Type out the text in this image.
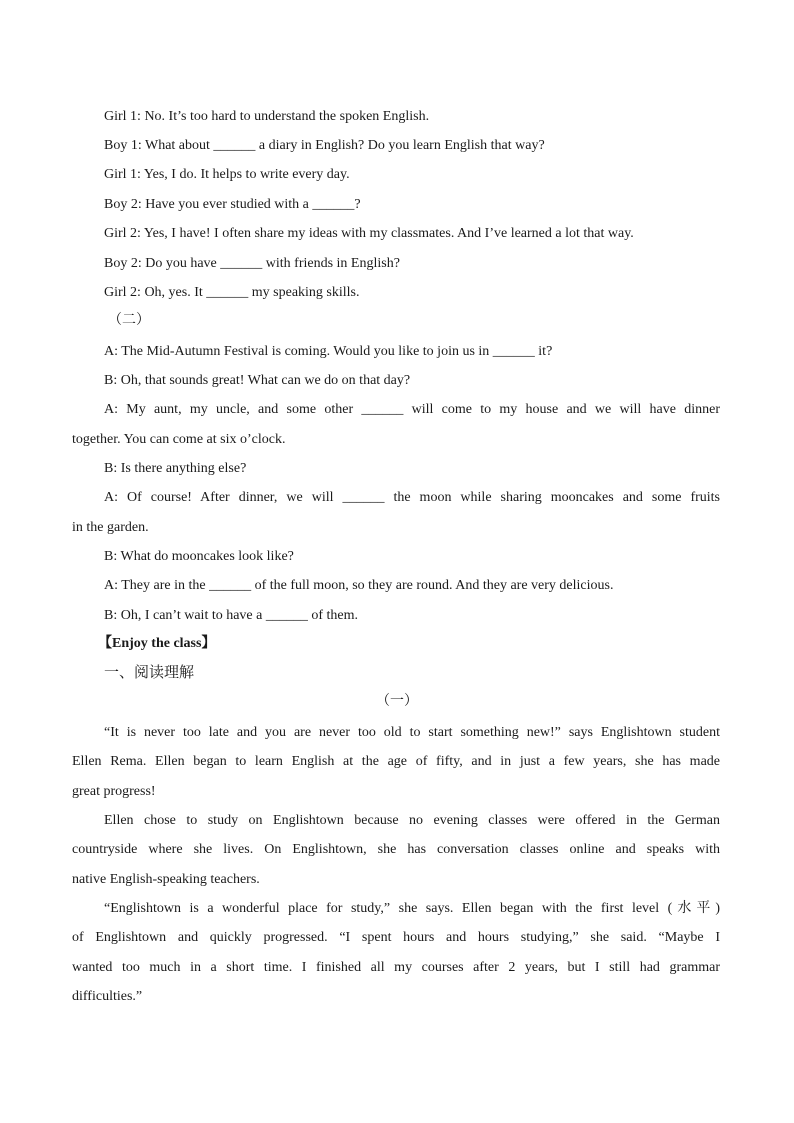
Girl 1: No. It’s too hard to understand the spoken English.
Boy 1: What about ______ a diary in English? Do you learn English that way?
Girl 1: Yes, I do. It helps to write every day.
Boy 2: Have you ever studied with a ______?
Girl 2: Yes, I have! I often share my ideas with my classmates. And I’ve learned a lot that way.
Boy 2: Do you have ______ with friends in English?
Girl 2: Oh, yes. It ______ my speaking skills.
（二）
A: The Mid-Autumn Festival is coming. Would you like to join us in ______ it?
B: Oh, that sounds great! What can we do on that day?
A: My aunt, my uncle, and some other ______ will come to my house and we will have dinner
together. You can come at six o’clock.
B: Is there anything else?
A: Of course! After dinner, we will ______ the moon while sharing mooncakes and some fruits
in the garden.
B: What do mooncakes look like?
A: They are in the ______ of the full moon, so they are round. And they are very delicious.
B: Oh, I can’t wait to have a ______ of them.
【Enjoy the class】
一、阅读理解
（一）
“It is never too late and you are never too old to start something new!” says Englishtown student
Ellen Rema. Ellen began to learn English at the age of fifty, and in just a few years, she has made
great progress!
Ellen chose to study on Englishtown because no evening classes were offered in the German
countryside where she lives. On Englishtown, she has conversation classes online and speaks with
native English-speaking teachers.
“Englishtown is a wonderful place for study,” she says. Ellen began with the first level (水平)
of Englishtown and quickly progressed. “I spent hours and hours studying,” she said. “Maybe I
wanted too much in a short time. I finished all my courses after 2 years, but I still had grammar
difficulties.”
